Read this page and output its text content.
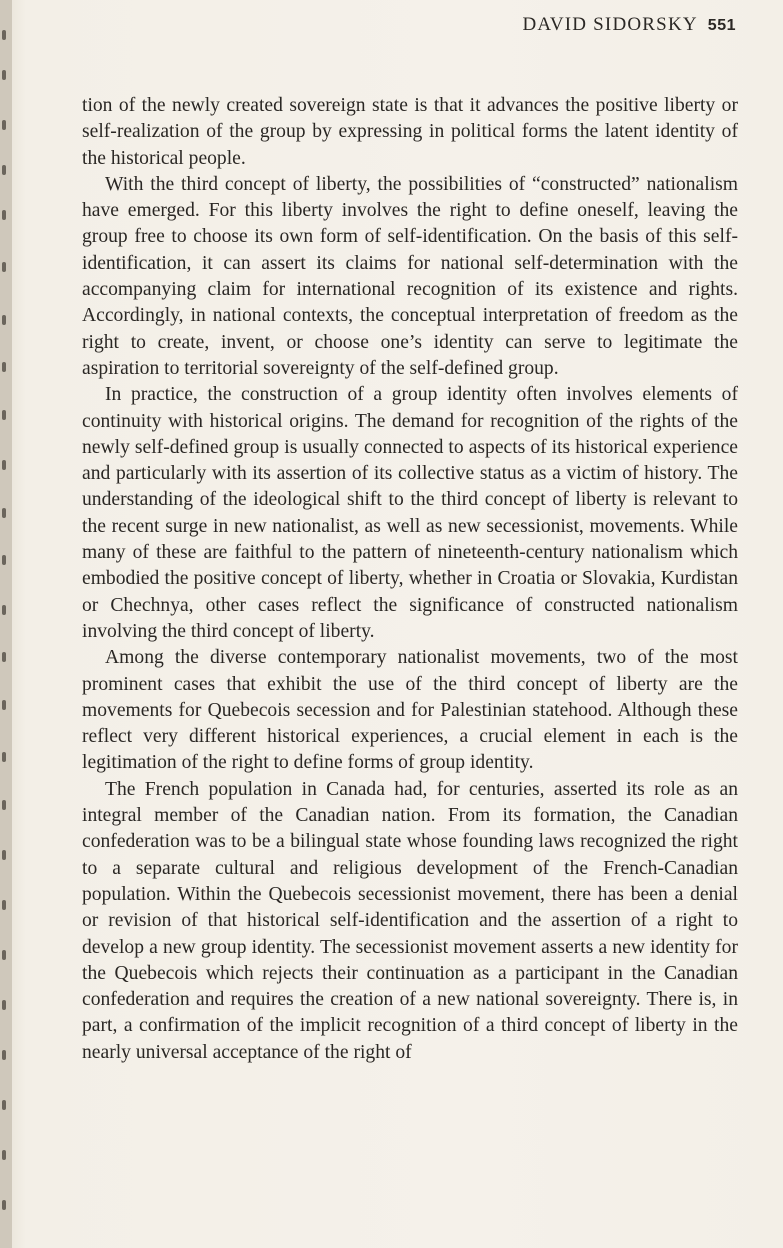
DAVID SIDORSKY 551

tion of the newly created sovereign state is that it advances the positive liberty or self-realization of the group by expressing in political forms the latent identity of the historical people.

With the third concept of liberty, the possibilities of “constructed” nationalism have emerged. For this liberty involves the right to define oneself, leaving the group free to choose its own form of self-identification. On the basis of this self-identification, it can assert its claims for national self-determination with the accompanying claim for international recognition of its existence and rights. Accordingly, in national contexts, the conceptual interpretation of freedom as the right to create, invent, or choose one’s identity can serve to legitimate the aspiration to territorial sovereignty of the self-defined group.

In practice, the construction of a group identity often involves elements of continuity with historical origins. The demand for recognition of the rights of the newly self-defined group is usually connected to aspects of its historical experience and particularly with its assertion of its collective status as a victim of history. The understanding of the ideological shift to the third concept of liberty is relevant to the recent surge in new nationalist, as well as new secessionist, movements. While many of these are faithful to the pattern of nineteenth-century nationalism which embodied the positive concept of liberty, whether in Croatia or Slovakia, Kurdistan or Chechnya, other cases reflect the significance of constructed nationalism involving the third concept of liberty.

Among the diverse contemporary nationalist movements, two of the most prominent cases that exhibit the use of the third concept of liberty are the movements for Quebecois secession and for Palestinian statehood. Although these reflect very different historical experiences, a crucial element in each is the legitimation of the right to define forms of group identity.

The French population in Canada had, for centuries, asserted its role as an integral member of the Canadian nation. From its formation, the Canadian confederation was to be a bilingual state whose founding laws recognized the right to a separate cultural and religious development of the French-Canadian population. Within the Quebecois secessionist movement, there has been a denial or revision of that historical self-identification and the assertion of a right to develop a new group identity. The secessionist movement asserts a new identity for the Quebecois which rejects their continuation as a participant in the Canadian confederation and requires the creation of a new national sovereignty. There is, in part, a confirmation of the implicit recognition of a third concept of liberty in the nearly universal acceptance of the right of
